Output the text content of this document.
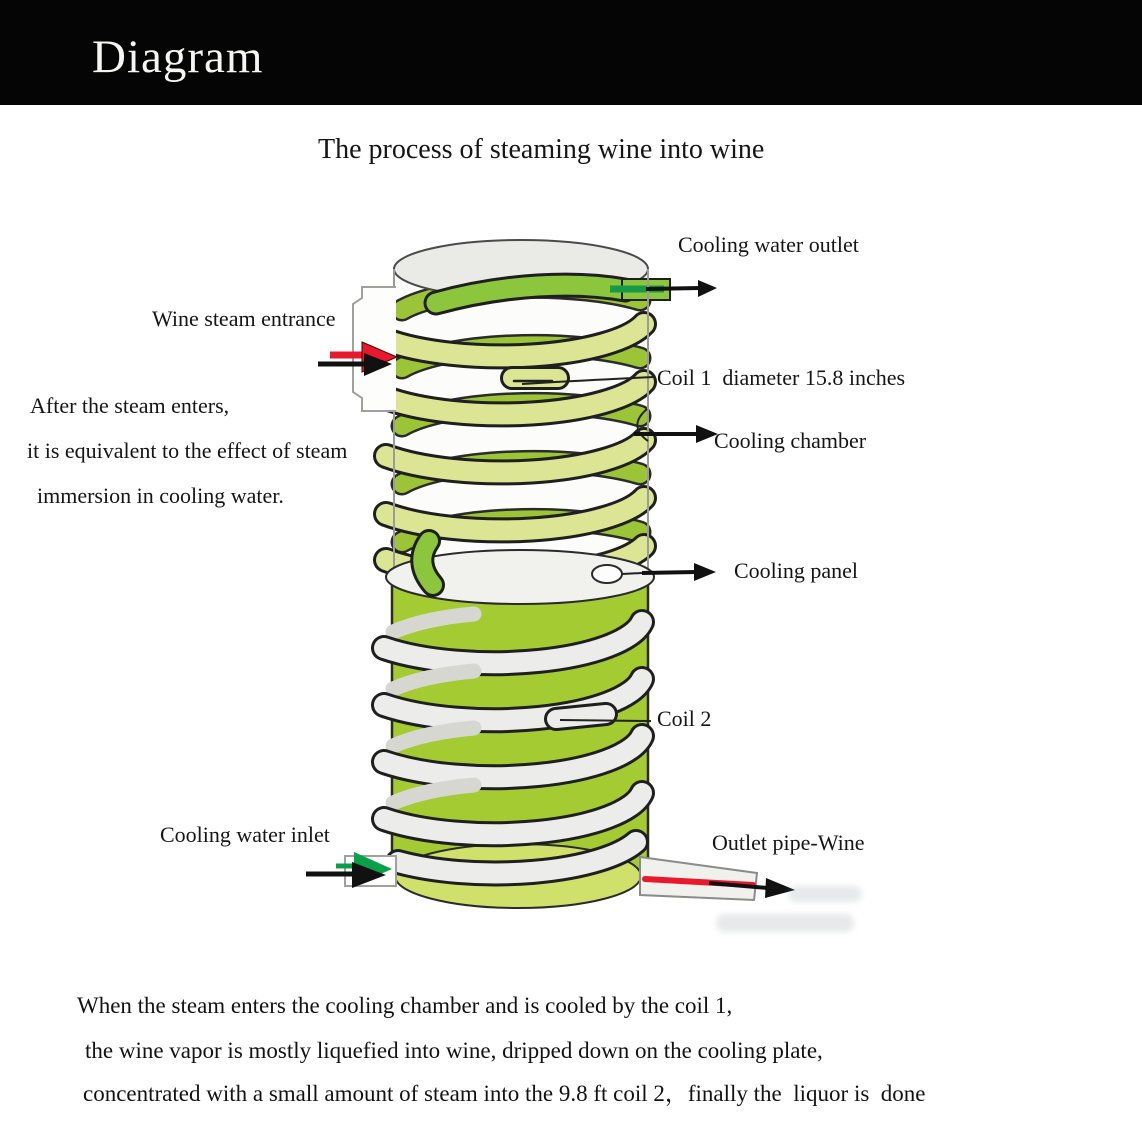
Diagram
The process of steaming wine into wine
Cooling water outlet
Wine steam entrance
Coil 1  diameter 15.8 inches
Cooling chamber
Cooling panel
Coil 2
Cooling water inlet	Outlet pipe-Wine
After the steam enters,
it is equivalent to the effect of steam
immersion in cooling water.
When the steam enters the cooling chamber and is cooled by the coil 1,
the wine vapor is mostly liquefied into wine, dripped down on the cooling plate,
concentrated with a small amount of steam into the 9.8 ft coil 2，finally the  liquor is  done
